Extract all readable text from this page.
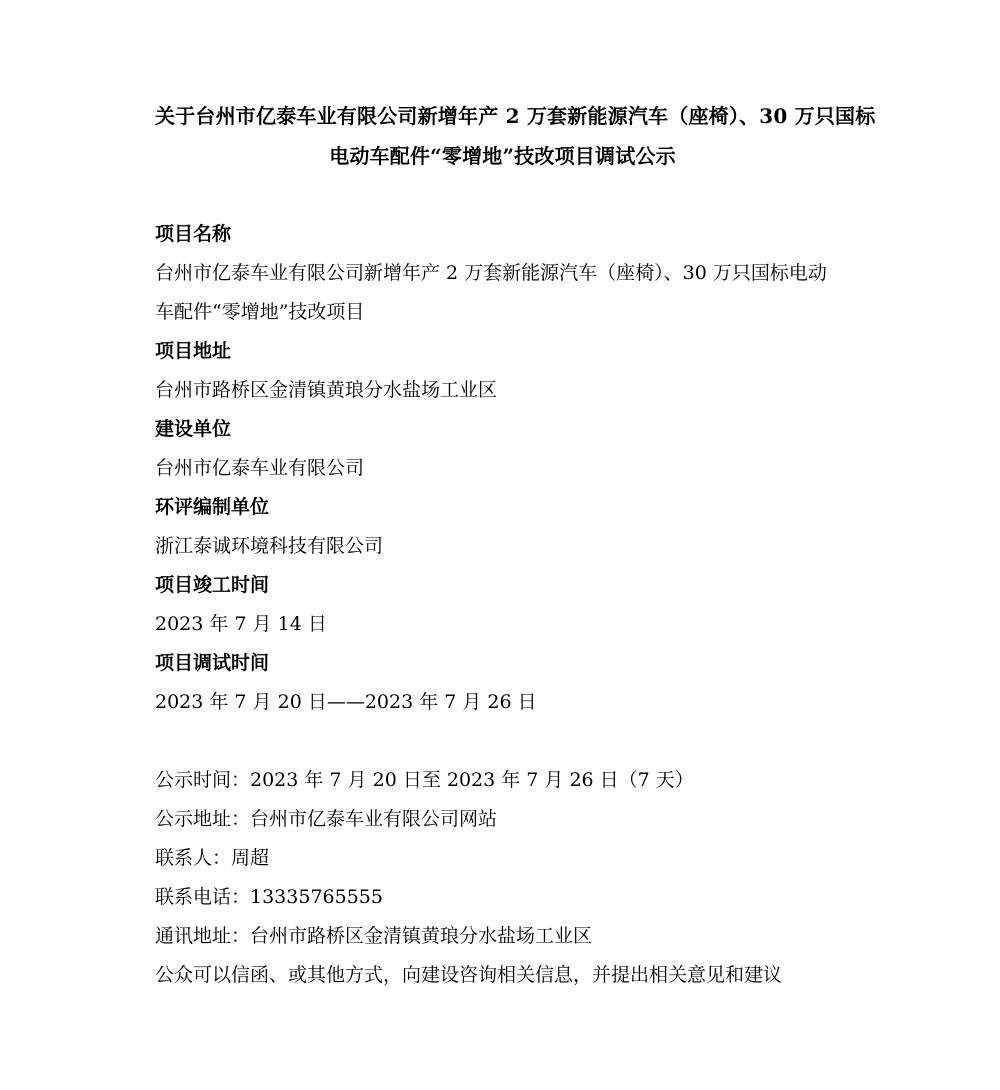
关于台州市亿泰车业有限公司新增年产 2 万套新能源汽车（座椅）、30 万只国标
电动车配件“零增地”技改项目调试公示

项目名称

台州市亿泰车业有限公司新增年产 2 万套新能源汽车（座椅）、30 万只国标电动
车配件“零增地”技改项目

项目地址

台州市路桥区金清镇黄琅分水盐场工业区

建设单位

台州市亿泰车业有限公司

环评编制单位

浙江泰诚环境科技有限公司

项目竣工时间

2023 年 7 月 14 日

项目调试时间

2023 年 7 月 20 日——2023 年 7 月 26 日

公示时间：2023 年 7 月 20 日至 2023 年 7 月 26 日（7 天）

公示地址：台州市亿泰车业有限公司网站

联系人：周超

联系电话：13335765555

通讯地址：台州市路桥区金清镇黄琅分水盐场工业区

公众可以信函、或其他方式，向建设咨询相关信息，并提出相关意见和建议
